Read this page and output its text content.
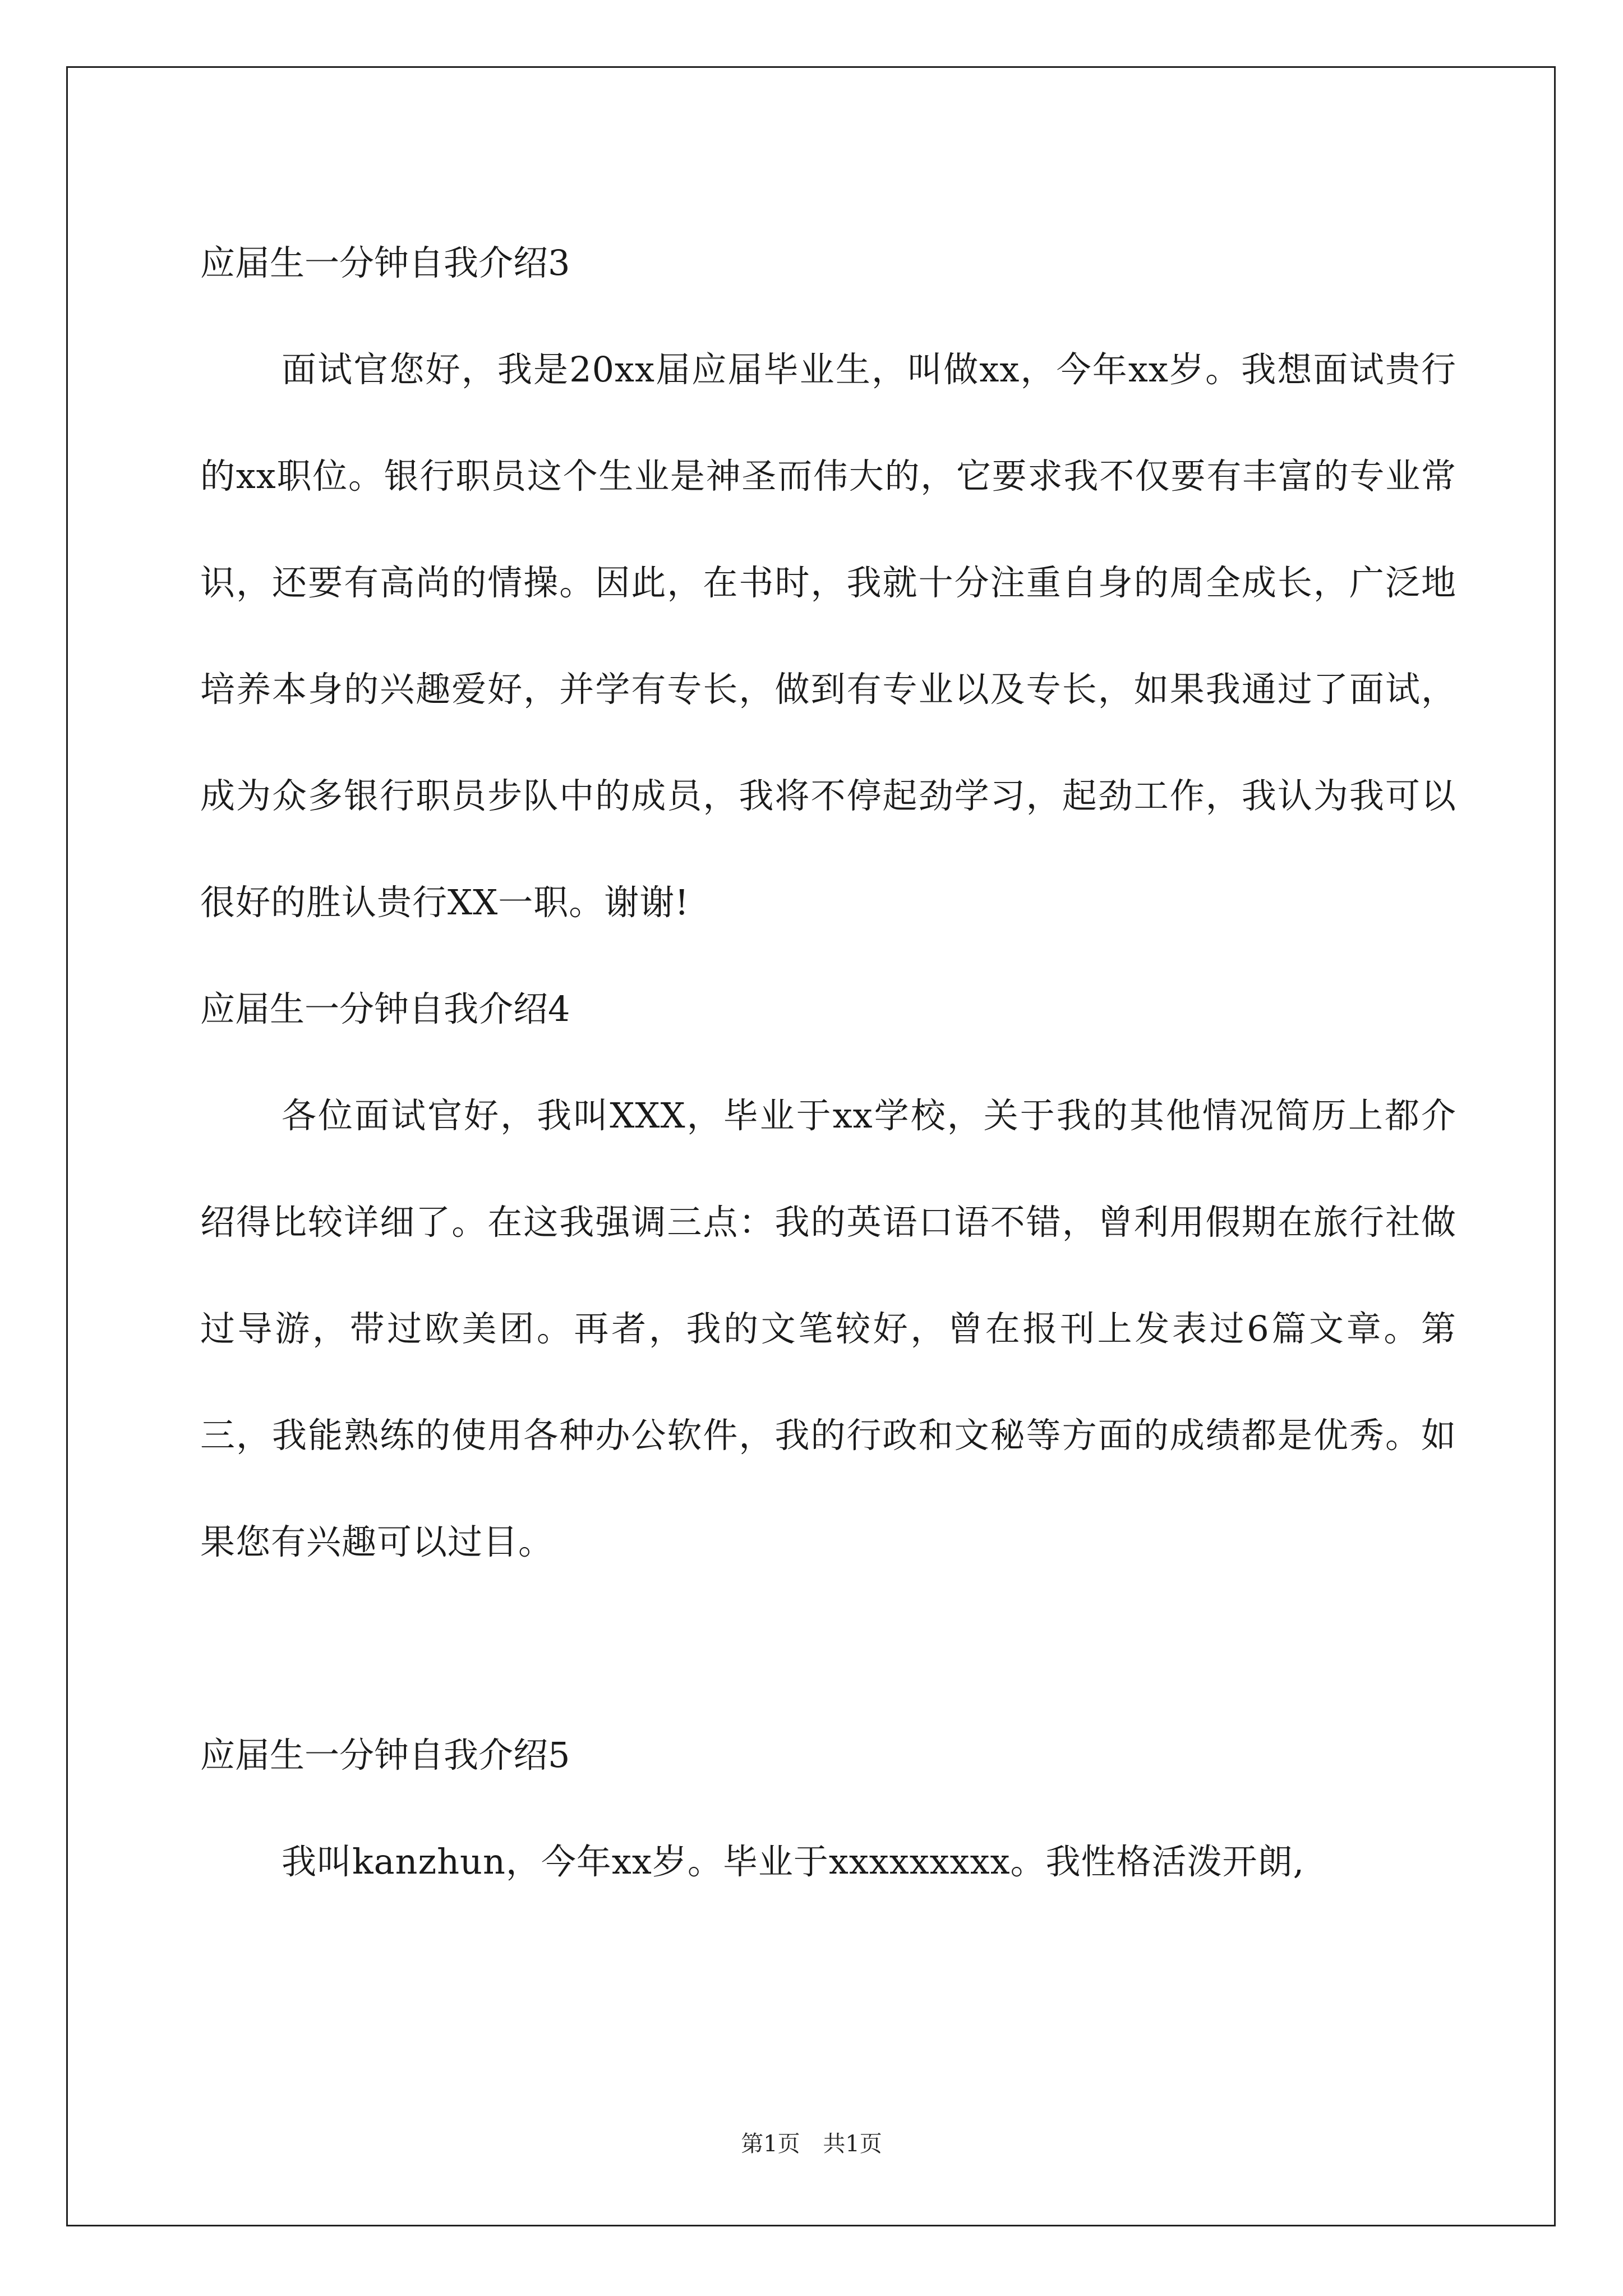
应届生一分钟自我介绍3

面试官您好，我是20xx届应届毕业生，叫做xx，今年xx岁。我想面试贵行的xx职位。银行职员这个生业是神圣而伟大的，它要求我不仅要有丰富的专业常识，还要有高尚的情操。因此，在书时，我就十分注重自身的周全成长，广泛地培养本身的兴趣爱好，并学有专长，做到有专业以及专长，如果我通过了面试，成为众多银行职员步队中的成员，我将不停起劲学习，起劲工作，我认为我可以很好的胜认贵行XX一职。谢谢!

应届生一分钟自我介绍4

各位面试官好，我叫XXX，毕业于xx学校，关于我的其他情况简历上都介绍得比较详细了。在这我强调三点：我的英语口语不错，曾利用假期在旅行社做过导游，带过欧美团。再者，我的文笔较好，曾在报刊上发表过6篇文章。第三，我能熟练的使用各种办公软件，我的行政和文秘等方面的成绩都是优秀。如果您有兴趣可以过目。

应届生一分钟自我介绍5

我叫kanzhun，今年xx岁。毕业于xxxxxxxxx。我性格活泼开朗,

第1页 共1页
